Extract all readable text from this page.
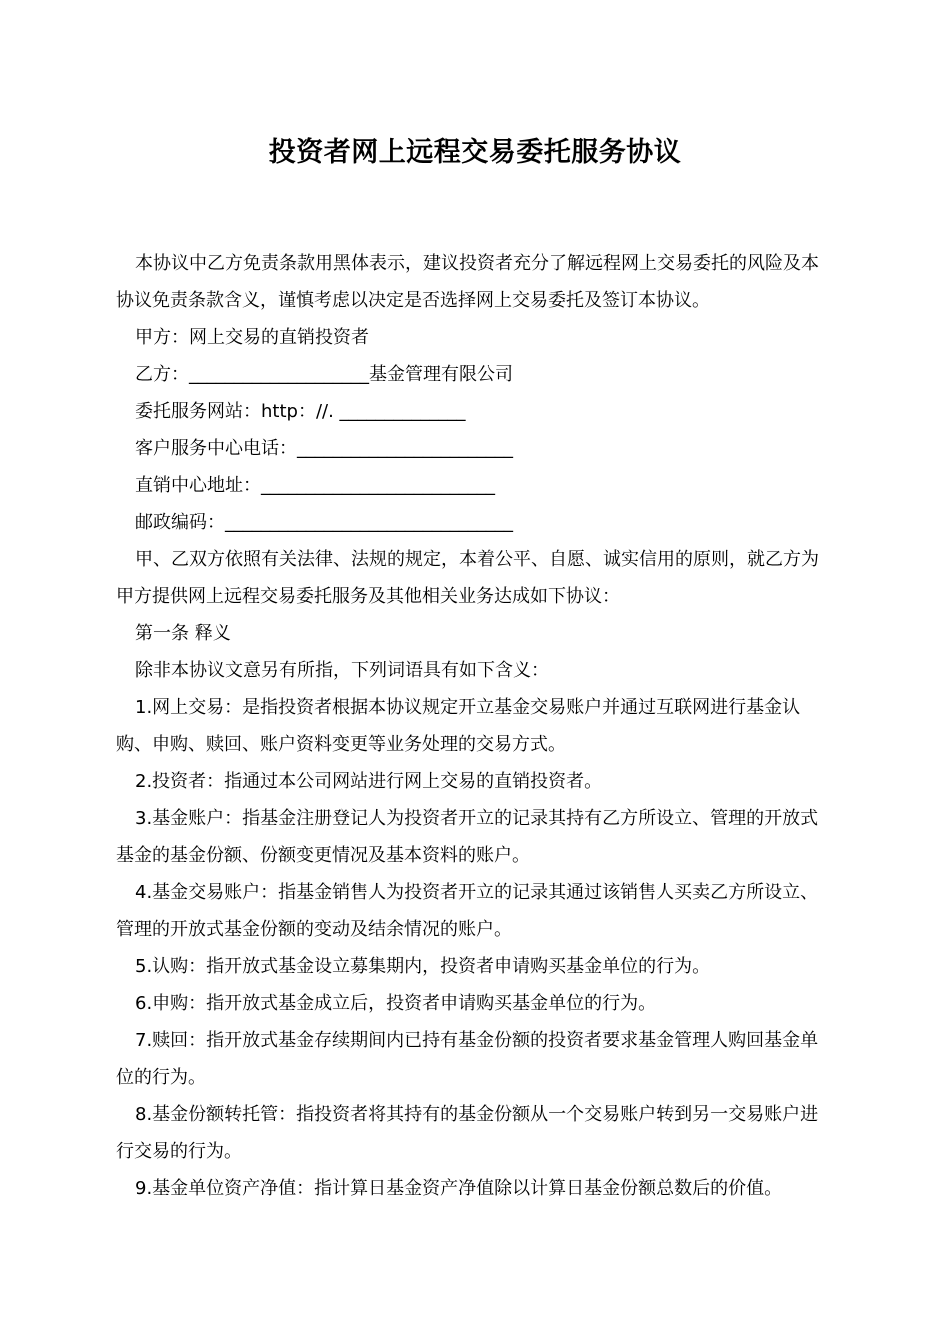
投资者网上远程交易委托服务协议

本协议中乙方免责条款用黑体表示，建议投资者充分了解远程网上交易委托的风险及本协议免责条款含义，谨慎考虑以决定是否选择网上交易委托及签订本协议。

甲方：网上交易的直销投资者

乙方：____________________基金管理有限公司

委托服务网站：http：//. ______________

客户服务中心电话：________________________

直销中心地址：__________________________

邮政编码：________________________________

甲、乙双方依照有关法律、法规的规定，本着公平、自愿、诚实信用的原则，就乙方为甲方提供网上远程交易委托服务及其他相关业务达成如下协议：

第一条 释义

除非本协议文意另有所指，下列词语具有如下含义：

1.网上交易：是指投资者根据本协议规定开立基金交易账户并通过互联网进行基金认购、申购、赎回、账户资料变更等业务处理的交易方式。

2.投资者：指通过本公司网站进行网上交易的直销投资者。

3.基金账户：指基金注册登记人为投资者开立的记录其持有乙方所设立、管理的开放式基金的基金份额、份额变更情况及基本资料的账户。

4.基金交易账户：指基金销售人为投资者开立的记录其通过该销售人买卖乙方所设立、管理的开放式基金份额的变动及结余情况的账户。

5.认购：指开放式基金设立募集期内，投资者申请购买基金单位的行为。

6.申购：指开放式基金成立后，投资者申请购买基金单位的行为。

7.赎回：指开放式基金存续期间内已持有基金份额的投资者要求基金管理人购回基金单位的行为。

8.基金份额转托管：指投资者将其持有的基金份额从一个交易账户转到另一交易账户进行交易的行为。

9.基金单位资产净值：指计算日基金资产净值除以计算日基金份额总数后的价值。
